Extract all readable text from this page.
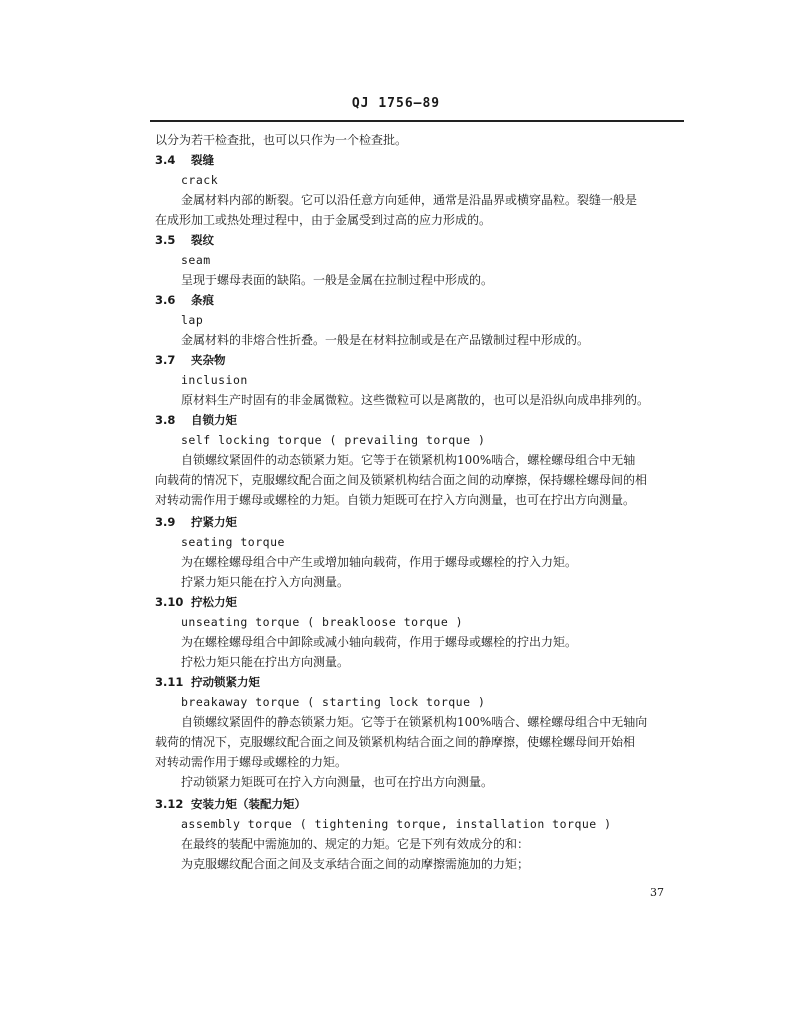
QJ 1756—89
以分为若干检查批，也可以只作为一个检查批。
3.4 裂缝
crack
金属材料内部的断裂。它可以沿任意方向延伸，通常是沿晶界或横穿晶粒。裂缝一般是
在成形加工或热处理过程中，由于金属受到过高的应力形成的。
3.5 裂纹
seam
呈现于螺母表面的缺陷。一般是金属在拉制过程中形成的。
3.6 条痕
lap
金属材料的非熔合性折叠。一般是在材料拉制或是在产品镦制过程中形成的。
3.7 夹杂物
inclusion
原材料生产时固有的非金属微粒。这些微粒可以是离散的，也可以是沿纵向成串排列的。
3.8 自锁力矩
self locking torque ( prevailing torque )
自锁螺纹紧固件的动态锁紧力矩。它等于在锁紧机构100%啮合，螺栓螺母组合中无轴
向载荷的情况下，克服螺纹配合面之间及锁紧机构结合面之间的动摩擦，保持螺栓螺母间的相
对转动需作用于螺母或螺栓的力矩。自锁力矩既可在拧入方向测量，也可在拧出方向测量。
3.9 拧紧力矩
seating torque
为在螺栓螺母组合中产生或增加轴向载荷，作用于螺母或螺栓的拧入力矩。
拧紧力矩只能在拧入方向测量。
3.10 拧松力矩
unseating torque ( breakloose torque )
为在螺栓螺母组合中卸除或减小轴向载荷，作用于螺母或螺栓的拧出力矩。
拧松力矩只能在拧出方向测量。
3.11 拧动锁紧力矩
breakaway torque ( starting lock torque )
自锁螺纹紧固件的静态锁紧力矩。它等于在锁紧机构100%啮合、螺栓螺母组合中无轴向
载荷的情况下，克服螺纹配合面之间及锁紧机构结合面之间的静摩擦，使螺栓螺母间开始相
对转动需作用于螺母或螺栓的力矩。
拧动锁紧力矩既可在拧入方向测量，也可在拧出方向测量。
3.12 安装力矩（装配力矩）
assembly torque ( tightening torque, installation torque )
在最终的装配中需施加的、规定的力矩。它是下列有效成分的和：
为克服螺纹配合面之间及支承结合面之间的动摩擦需施加的力矩；
37
